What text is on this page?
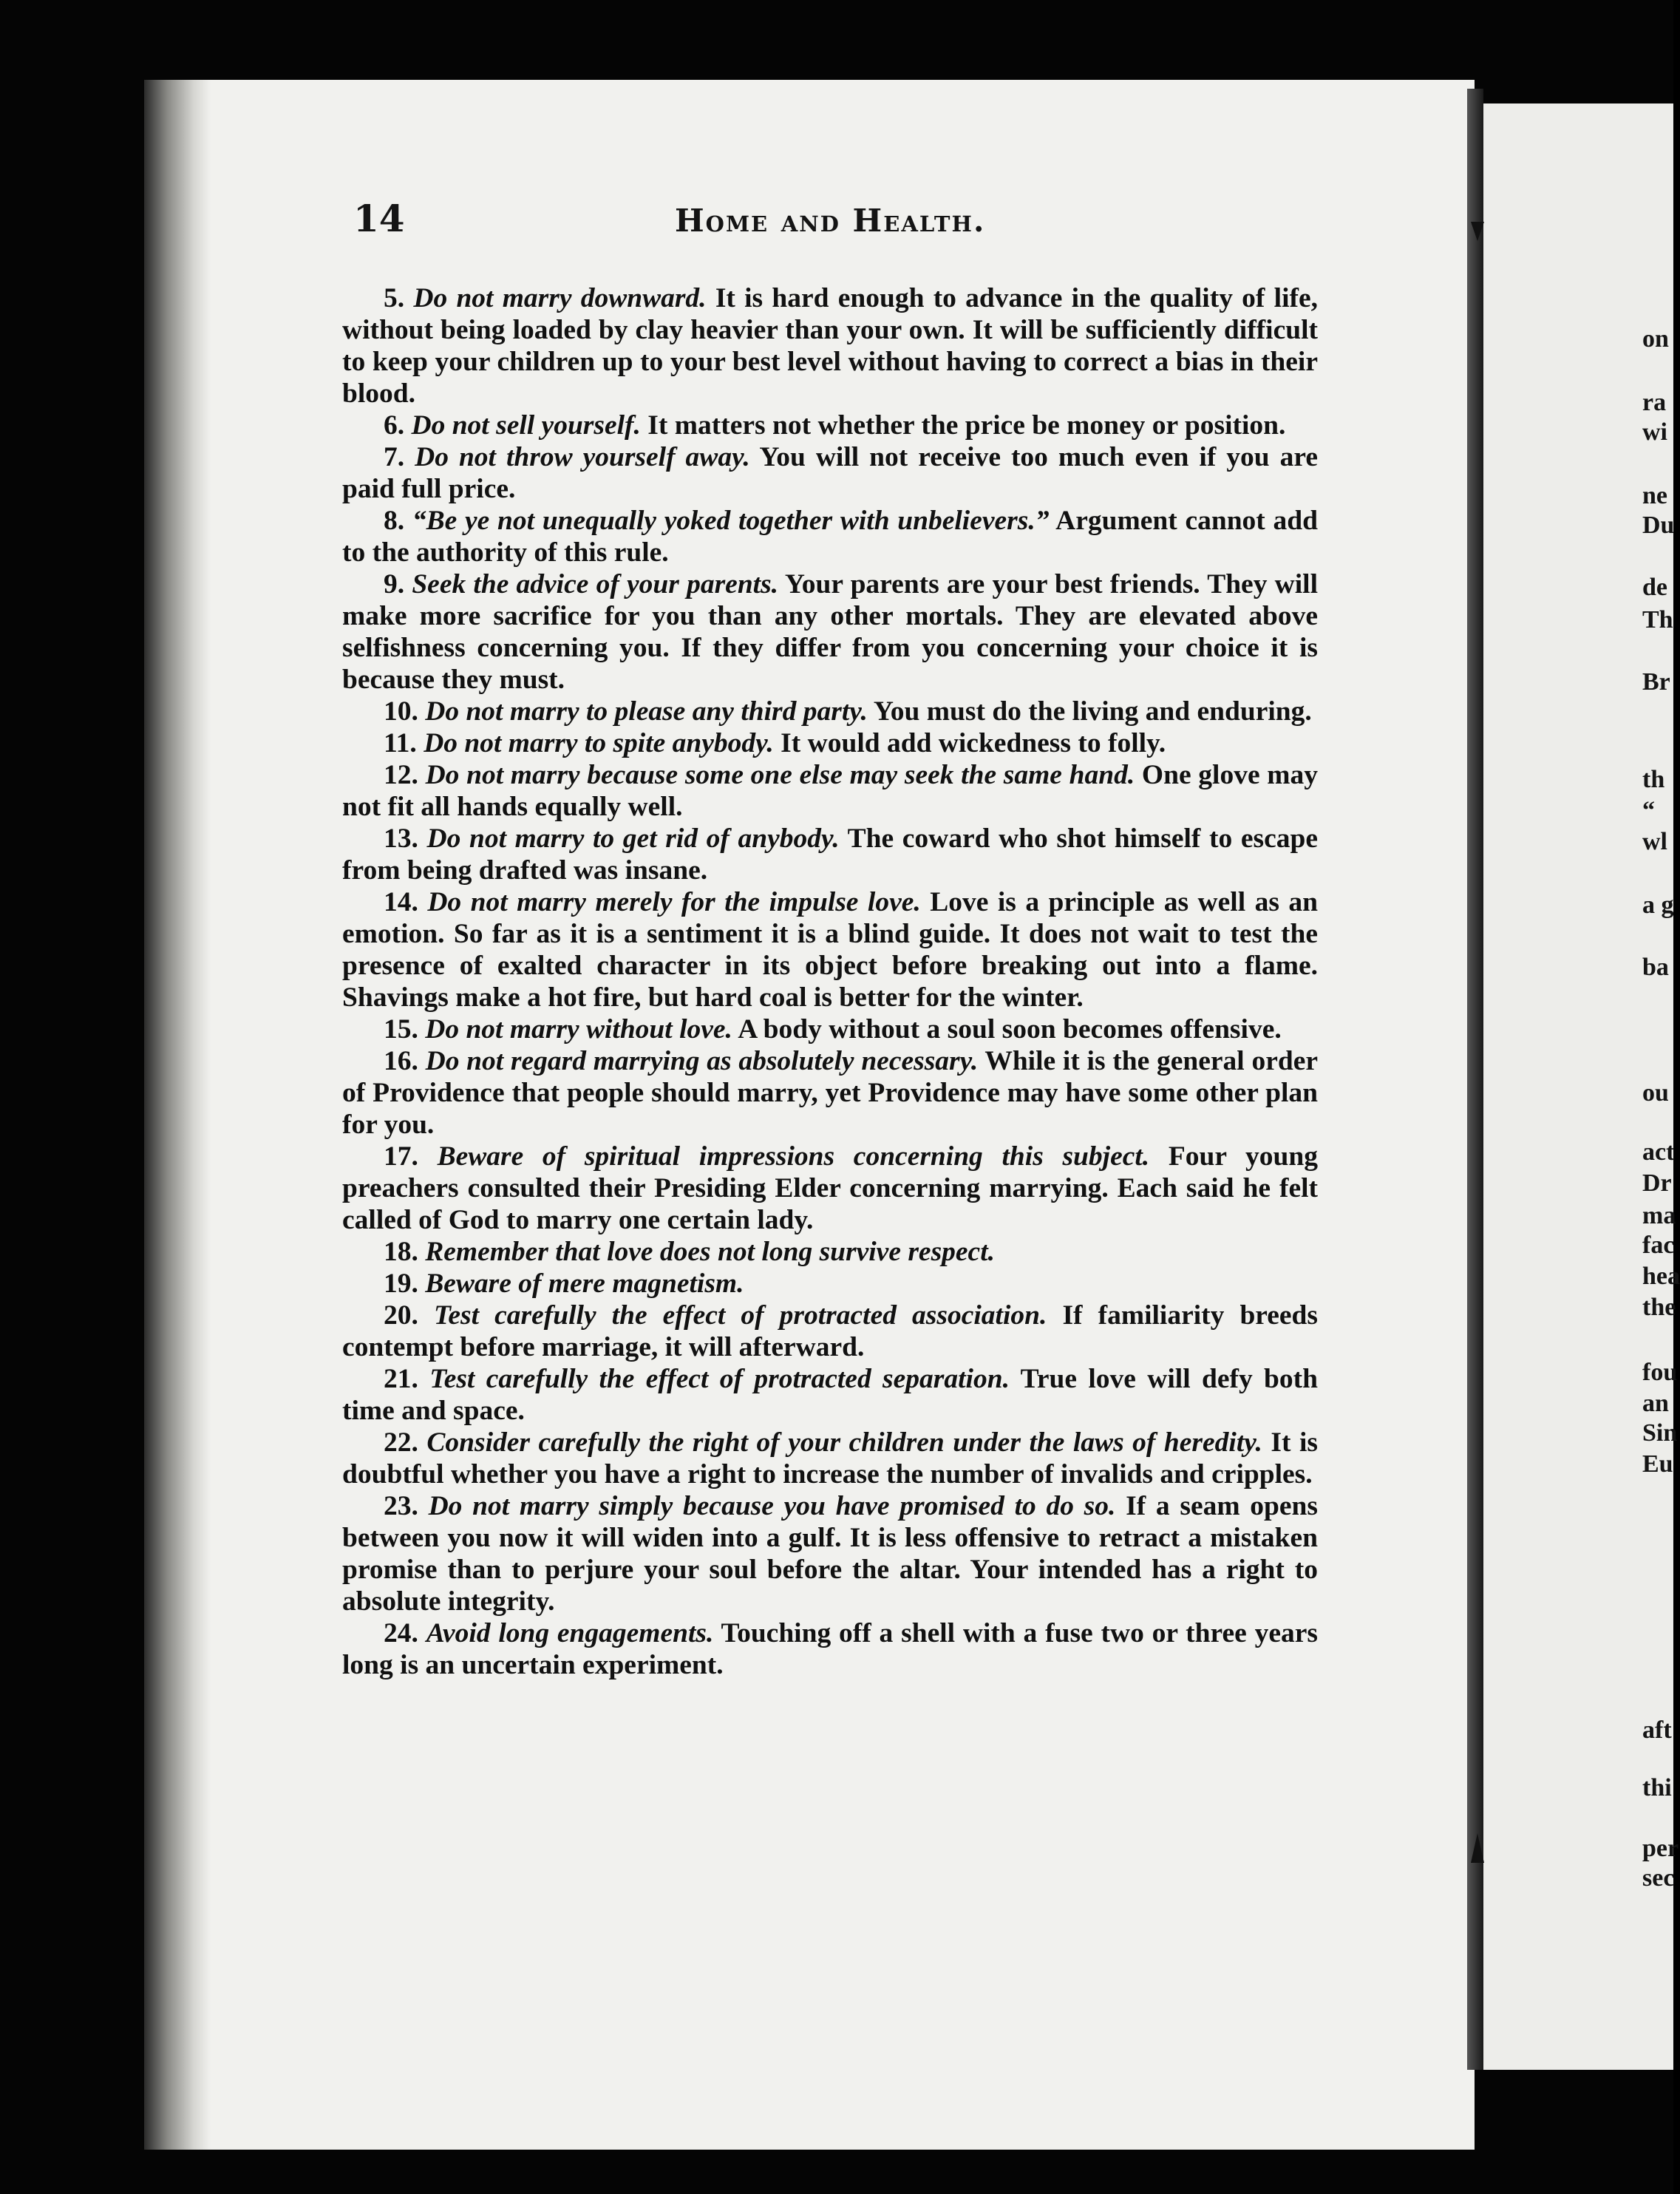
14	Home and Health.

5. Do not marry downward. It is hard enough to advance in the quality of life, without being loaded by clay heavier than your own. It will be sufficiently difficult to keep your children up to your best level without having to correct a bias in their blood.

6. Do not sell yourself. It matters not whether the price be money or position.

7. Do not throw yourself away. You will not receive too much even if you are paid full price.

8. “Be ye not unequally yoked together with unbelievers.” Argument cannot add to the authority of this rule.

9. Seek the advice of your parents. Your parents are your best friends. They will make more sacrifice for you than any other mortals. They are elevated above selfishness concerning you. If they differ from you concerning your choice it is because they must.

10. Do not marry to please any third party. You must do the living and enduring.

11. Do not marry to spite anybody. It would add wickedness to folly.

12. Do not marry because some one else may seek the same hand. One glove may not fit all hands equally well.

13. Do not marry to get rid of anybody. The coward who shot himself to escape from being drafted was insane.

14. Do not marry merely for the impulse love. Love is a principle as well as an emotion. So far as it is a sentiment it is a blind guide. It does not wait to test the presence of exalted character in its object before breaking out into a flame. Shavings make a hot fire, but hard coal is better for the winter.

15. Do not marry without love. A body without a soul soon becomes offensive.

16. Do not regard marrying as absolutely necessary. While it is the general order of Providence that people should marry, yet Providence may have some other plan for you.

17. Beware of spiritual impressions concerning this subject. Four young preachers consulted their Presiding Elder concerning marrying. Each said he felt called of God to marry one certain lady.

18. Remember that love does not long survive respect.

19. Beware of mere magnetism.

20. Test carefully the effect of protracted association. If familiarity breeds contempt before marriage, it will afterward.

21. Test carefully the effect of protracted separation. True love will defy both time and space.

22. Consider carefully the right of your children under the laws of heredity. It is doubtful whether you have a right to increase the number of invalids and cripples.

23. Do not marry simply because you have promised to do so. If a seam opens between you now it will widen into a gulf. It is less offensive to retract a mistaken promise than to perjure your soul before the altar. Your intended has a right to absolute integrity.

24. Avoid long engagements. Touching off a shell with a fuse two or three years long is an uncertain experiment.

on
ra
wi
ne
Du
de
Th
Br
th
“
wl
a g
ba
ou
act
Dr
ma
fac
hea
the
fou
an
Sin
Eu
aft
thi
per
sec
